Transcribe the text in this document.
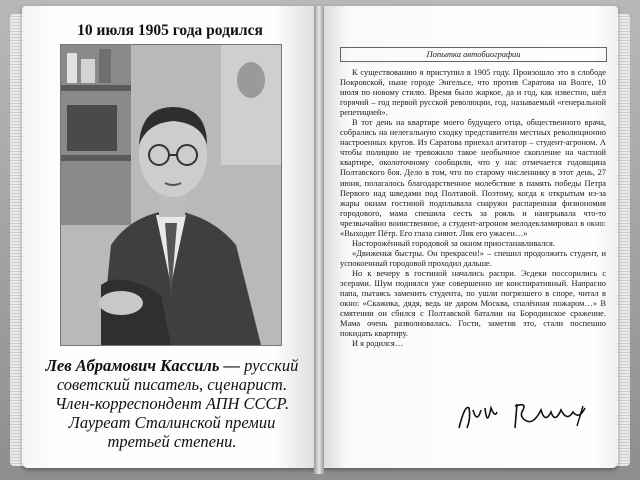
10 июля 1905 года родился
Лев Абрамович Кассиль — русский советский писатель, сценарист. Член-корреспондент АПН СССР. Лауреат Сталинской премии третьей степени.
Попытка автобиографии

К существованию я приступил в 1905 году. Произошло это в слободе Покровской, ныне городе Энгельсе, что против Саратова на Волге, 10 июля по новому стилю. Время было жаркое, да и год, как известно, шёл горячий – год первой русской революции, год, называемый «генеральной репетицией».

В тот день на квартире моего будущего отца, общественного врача, собрались на нелегальную сходку представители местных революционно настроенных кругов. Из Саратова приехал агитатор – студент-агроном. А чтобы полицию не тревожило такое необычное скопление на частной квартире, околоточному сообщили, что у нас отмечается годовщина Полтавского боя. Дело в том, что по старому численнику в этот день, 27 июня, полагалось благодарственное молебствие в память победы Петра Первого над шведами под Полтавой. Поэтому, когда к открытым из-за жары окнам гостиной подплывала снаружи распаренная физиономия городового, мама спешила сесть за рояль и наигрывала что-то чрезвычайно воинственное, а студент-агроном мелодекламировал в окно: «Выходит Пётр. Его глаза сияют. Лик его ужасен…»

Насторожённый городовой за окном приостанавливался.

«Движенья быстры. Он прекрасен!» – спешил продолжить студент, и успокоенный городовой проходил дальше.

Но к вечеру в гостиной начались распри. Эсдеки поссорились с эсерами. Шум поднялся уже совершенно не конспиративный. Напрасно папа, пытаясь заменить студента, по ушли погрязшего в споре, читал в окно: «Скажика, дядя, ведь не даром Москва, спалённая пожаром…» В смятении он сбился с Полтавской баталии на Бородинское сражение. Мама очень разволновалась. Гости, заметив это, стали поспешно покидать квартиру.

И я родился…
